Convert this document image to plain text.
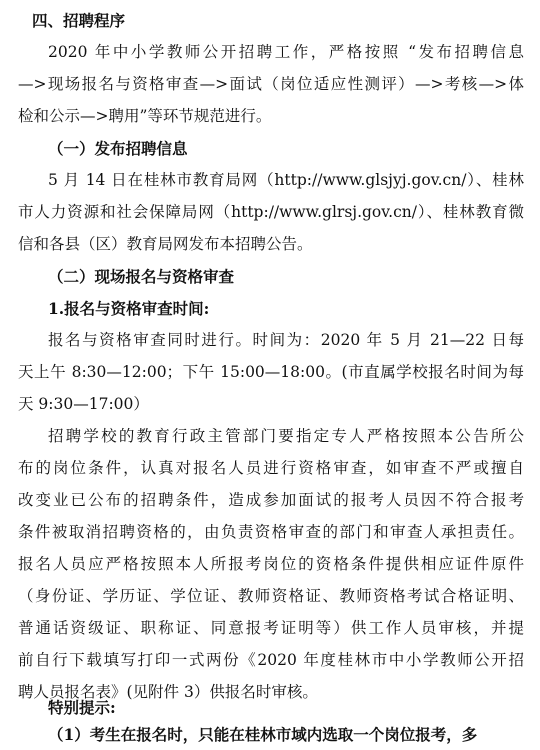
四、招聘程序
2020 年中小学教师公开招聘工作，严格按照 “发布招聘信息
—>现场报名与资格审查—>面试（岗位适应性测评）—>考核—>体
检和公示—>聘用”等环节规范进行。
（一）发布招聘信息
5 月 14 日在桂林市教育局网（http://www.glsjyj.gov.cn/）、桂林
市人力资源和社会保障局网（http://www.glrsj.gov.cn/）、桂林教育微
信和各县（区）教育局网发布本招聘公告。
（二）现场报名与资格审查
1.报名与资格审查时间:
报名与资格审查同时进行。时间为：2020 年 5 月 21—22 日每
天上午 8:30—12:00；下午 15:00—18:00。(市直属学校报名时间为每
天 9:30—17:00）
招聘学校的教育行政主管部门要指定专人严格按照本公告所公
布的岗位条件，认真对报名人员进行资格审查，如审查不严或擅自
改变业已公布的招聘条件，造成参加面试的报考人员因不符合报考
条件被取消招聘资格的，由负责资格审查的部门和审查人承担责任。
报名人员应严格按照本人所报考岗位的资格条件提供相应证件原件
（身份证、学历证、学位证、教师资格证、教师资格考试合格证明、
普通话资级证、职称证、同意报考证明等）供工作人员审核，并提
前自行下载填写打印一式两份《2020 年度桂林市中小学教师公开招
聘人员报名表》(见附件 3）供报名时审核。
特别提示:
（1）考生在报名时，只能在桂林市域内选取一个岗位报考，多
